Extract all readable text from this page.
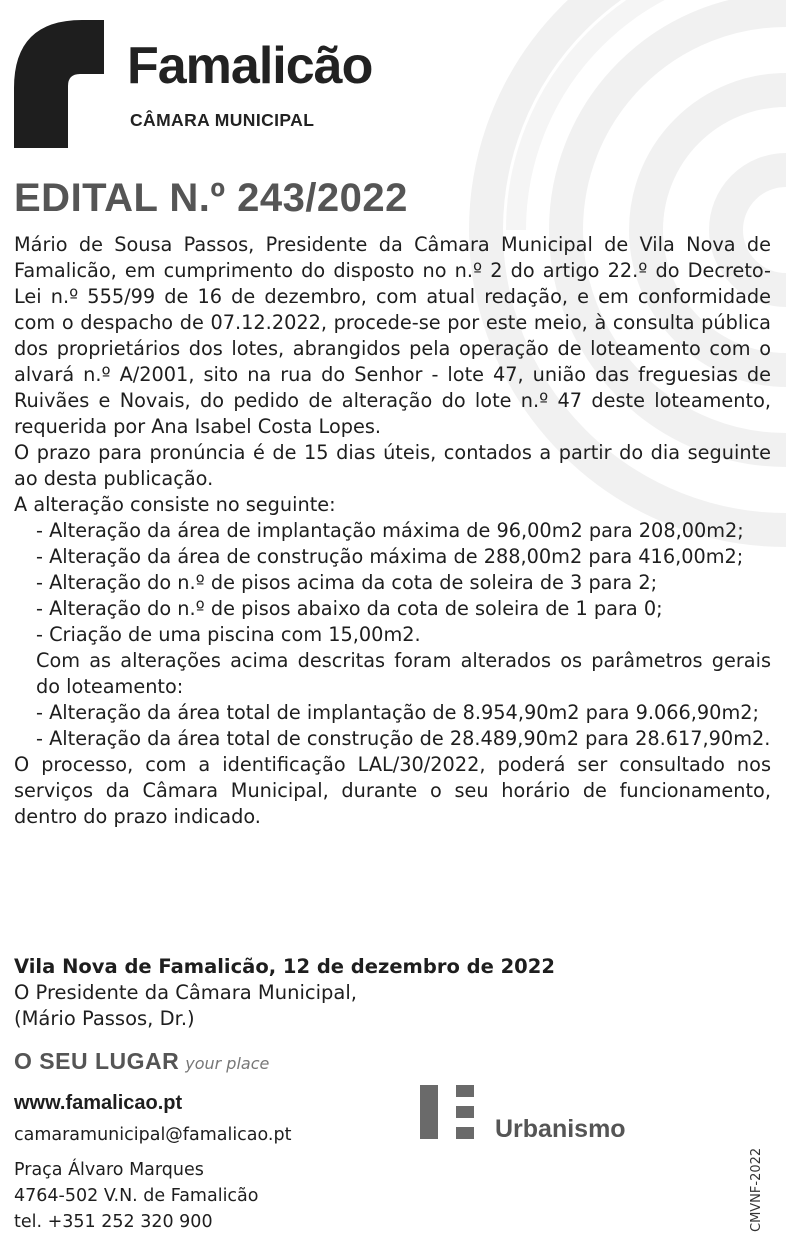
Famalicão
CÂMARA MUNICIPAL
EDITAL N.º 243/2022

Mário de Sousa Passos, Presidente da Câmara Municipal de Vila Nova de Famalicão, em cumprimento do disposto no n.º 2 do artigo 22.º do Decreto-Lei n.º 555/99 de 16 de dezembro, com atual redação, e em conformidade com o despacho de 07.12.2022, procede-se por este meio, à consulta pública dos proprietários dos lotes, abrangidos pela operação de loteamento com o alvará n.º A/2001, sito na rua do Senhor - lote 47, união das freguesias de Ruivães e Novais, do pedido de alteração do lote n.º 47 deste loteamento, requerida por Ana Isabel Costa Lopes.

O prazo para pronúncia é de 15 dias úteis, contados a partir do dia seguinte ao desta publicação.

A alteração consiste no seguinte:

- Alteração da área de implantação máxima de 96,00m2 para 208,00m2;

- Alteração da área de construção máxima de 288,00m2 para 416,00m2;

- Alteração do n.º de pisos acima da cota de soleira de 3 para 2;

- Alteração do n.º de pisos abaixo da cota de soleira de 1 para 0;

- Criação de uma piscina com 15,00m2.

Com as alterações acima descritas foram alterados os parâmetros gerais do loteamento:

- Alteração da área total de implantação de 8.954,90m2 para 9.066,90m2;

- Alteração da área total de construção de 28.489,90m2 para 28.617,90m2.

O processo, com a identificação LAL/30/2022, poderá ser consultado nos serviços da Câmara Municipal, durante o seu horário de funcionamento, dentro do prazo indicado.

Vila Nova de Famalicão, 12 de dezembro de 2022
O Presidente da Câmara Municipal,
(Mário Passos, Dr.)
O SEU LUGAR your place
www.famalicao.pt
camaramunicipal@famalicao.pt
Praça Álvaro Marques
4764-502 V.N. de Famalicão
tel. +351 252 320 900
Urbanismo
CMVNF-2022
